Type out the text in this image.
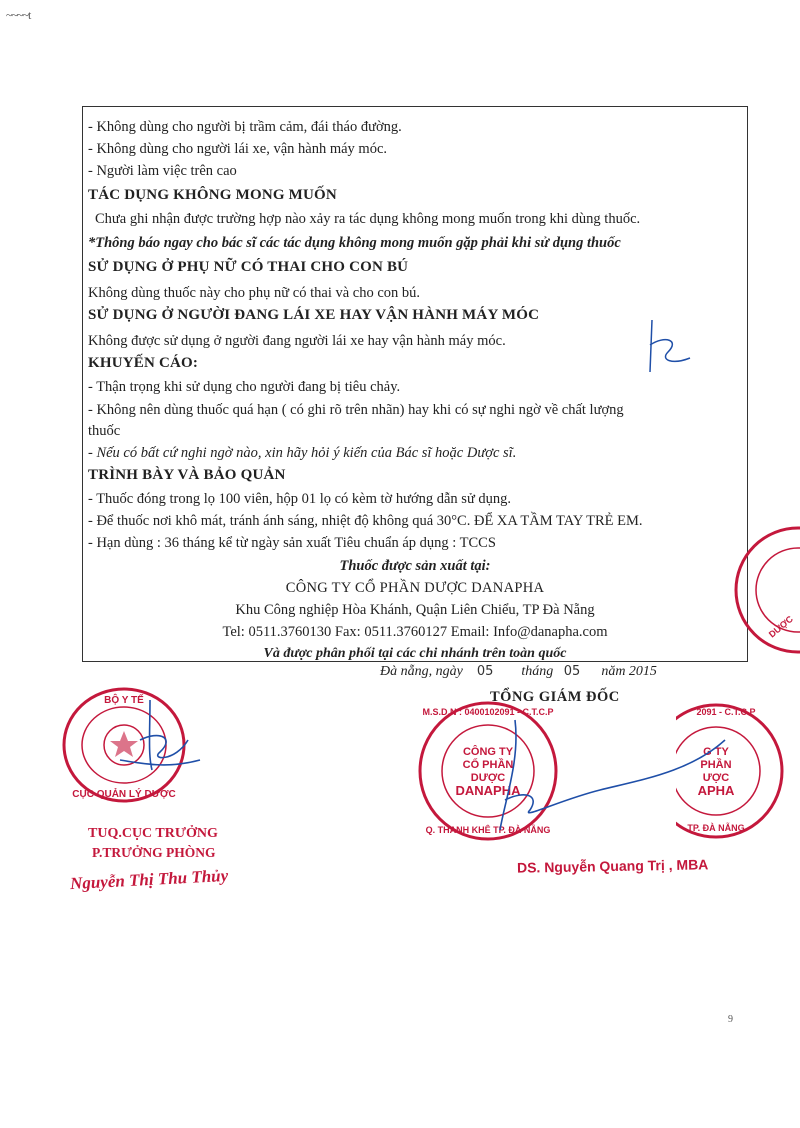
~ ~ ~ ~ t
- Không dùng cho người bị trầm cảm, đái tháo đường.
- Không dùng cho người lái xe, vận hành máy móc.
- Người làm việc trên cao
TÁC DỤNG KHÔNG MONG MUỐN
Chưa ghi nhận được trường hợp nào xảy ra tác dụng không mong muốn trong khi dùng thuốc.
*Thông báo ngay cho bác sĩ các tác dụng không mong muốn gặp phải khi sử dụng thuốc
SỬ DỤNG Ở PHỤ NỮ CÓ THAI CHO CON BÚ
Không dùng thuốc này cho phụ nữ có thai và cho con bú.
SỬ DỤNG Ở NGƯỜI ĐANG LÁI XE HAY VẬN HÀNH MÁY MÓC
Không được sử dụng ở người đang người lái xe hay vận hành máy móc.
KHUYẾN CÁO:
- Thận trọng khi sử dụng cho người đang bị tiêu chảy.
- Không nên dùng thuốc quá hạn ( có ghi rõ trên nhãn) hay khi có sự nghi ngờ về chất lượng
thuốc
- Nếu có bất cứ nghi ngờ nào, xin hãy hỏi ý kiến của Bác sĩ hoặc Dược sĩ.
TRÌNH BÀY VÀ BẢO QUẢN
- Thuốc đóng trong lọ 100 viên, hộp 01 lọ có kèm tờ hướng dẫn sử dụng.
- Để thuốc nơi khô mát, tránh ánh sáng, nhiệt độ không quá 30°C. ĐỂ XA TẦM TAY TRẺ EM.
- Hạn dùng : 36 tháng kể từ ngày sản xuất Tiêu chuẩn áp dụng : TCCS
Thuốc được sản xuất tại:
CÔNG TY CỔ PHẦN DƯỢC DANAPHA
Khu Công nghiệp Hòa Khánh, Quận Liên Chiểu, TP Đà Nẵng
Tel: 0511.3760130 Fax: 0511.3760127 Email: Info@danapha.com
Và được phân phối tại các chi nhánh trên toàn quốc
Đà nẵng, ngày 05 tháng 05 năm 2015
TỔNG GIÁM ĐỐC
BỘ Y TẾ
CỤC QUẢN LÝ DƯỢC
M.S.D.N : 0400102091 - C.T.C.P
CÔNG TY
CỔ PHẦN
DƯỢC
DANAPHA
Q. THANH KHÊ TP. ĐÀ NẴNG
2091 - C.T.C.P
G TY
PHẦN
ƯỢC
APHA
TP. ĐÀ NẴNG
DƯỢC
TUQ.CỤC TRƯỞNG
P.TRƯỞNG PHÒNG
Nguyễn Thị Thu Thủy	DS. Nguyễn Quang Trị , MBA
9
